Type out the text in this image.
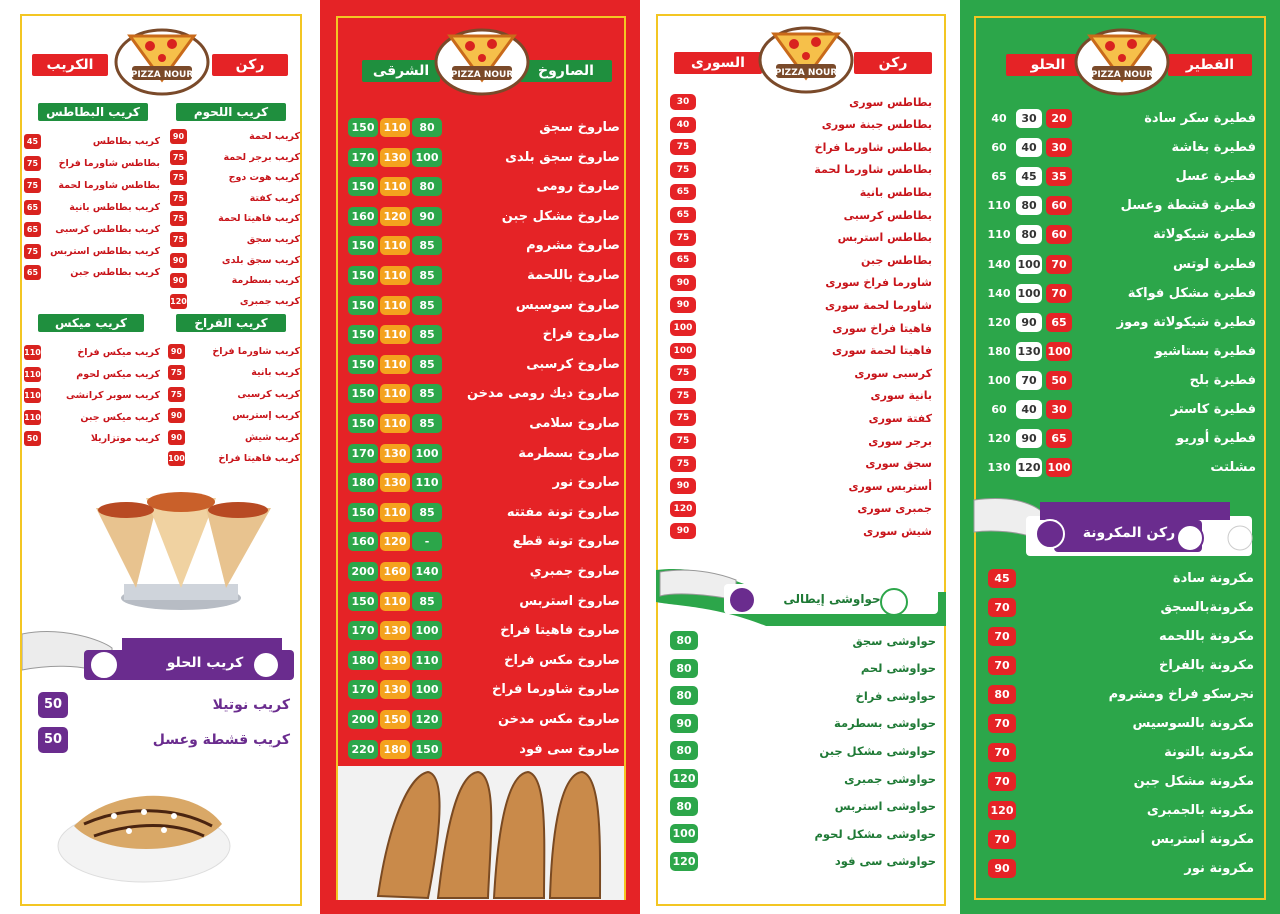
الكريب	ركن
PIZZA NOUR
كريب اللحوم
كريب البطاطس
90	كريب لحمة
75	كريب برجر لحمة
75	كريب هوت دوج
75	كريب كفتة
75	كريب فاهيتا لحمة
75	كريب سجق
90	كريب سجق بلدى
90	كريب بسطرمة
120	كريب جمبرى
45	كريب بطاطس
75	بطاطس شاورما فراخ
75	بطاطس شاورما لحمة
65	كريب بطاطس بانية
65	كريب بطاطس كرسبى
75	كريب بطاطس استربس
65	كريب بطاطس جبن
كريب الفراخ
كريب ميكس
90	كريب شاورما فراخ
75	كريب بانية
75	كريب كرسبى
90	كريب إستربس
90	كريب شيش
100	كريب فاهيتا فراخ
110	كريب ميكس فراخ
110	كريب ميكس لحوم
110	كريب سوبر كرانشى
110	كريب ميكس جبن
50	كريب موتزاريلا
كريب الحلو
50	كريب نوتيلا
50	كريب قشطة وعسل
الشرقى	الصاروخ
PIZZA NOUR
150 110	80	صاروخ سجق
170 130 100	صاروخ سجق بلدى
150 110	80	صاروخ رومى
160 120	90	صاروخ مشكل جبن
150 110	85	صاروخ مشروم
150 110	85	صاروخ باللحمة
150 110	85	صاروخ سوسيس
150 110	85	صاروخ فراخ
150 110	85	صاروخ كرسبى
150 110	85	صاروخ ديك رومى مدخن
150 110	85	صاروخ سلامى
170 130 100	صاروخ بسطرمة
180 130 110	صاروخ نور
150 110	85	صاروخ تونة مفتته
160 120	-	صاروخ تونة قطع
200 160 140	صاروخ جمبري
150 110	85	صاروخ استربس
170 130 100	صاروخ فاهيتا فراخ
180 130 110	صاروخ مكس فراخ
170 130 100	صاروخ شاورما فراخ
200 150 120	صاروخ مكس مدخن
220 180 150	صاروخ سى فود
السورى	ركن
PIZZA NOUR
30	بطاطس سورى
40	بطاطس جبنة سورى
75	بطاطس شاورما فراخ
75	بطاطس شاورما لحمة
65	بطاطس بانية
65	بطاطس كرسبى
75	بطاطس استربس
65	بطاطس جبن
90	شاورما فراخ سورى
90	شاورما لحمة سورى
100	فاهيتا فراخ سورى
100	فاهيتا لحمة سورى
75	كرسبى سورى
75	بانية سورى
75	كفتة سورى
75	برجر سورى
75	سجق سورى
90	أستربس سورى
120	جمبرى سورى
90	شيش سورى
حواوشى إيطالى
80	حواوشى سجق
80	حواوشى لحم
80	حواوشى فراخ
90	حواوشى بسطرمة
80	حواوشى مشكل جبن
120	حواوشى جمبرى
80	حواوشى استربس
100	حواوشى مشكل لحوم
120	حواوشى سى فود
الحلو	الفطير
PIZZA NOUR
40	30	20	فطيرة سكر سادة
60	40	30	فطيرة بغاشة
65	45	35	فطيرة عسل
110 80	60	فطيرة قشطة وعسل
110 80	60	فطيرة شيكولاتة
140 100 70	فطيرة لوتس
140 100 70	فطيرة مشكل فواكة
120 90	65	فطيرة شيكولاتة وموز
180 130 100	فطيرة بستاشيو
100 70	50	فطيرة بلح
60	40	30	فطيرة كاستر
120 90	65	فطيرة أوريو
130 120 100	مشلتت
ركن المكرونة
45	مكرونة سادة
70	مكرونةبالسجق
70	مكرونة باللحمه
70	مكرونة بالفراخ
80	نجرسكو فراخ ومشروم
70	مكرونة بالسوسيس
70	مكرونة بالتونة
70	مكرونة مشكل جبن
120	مكرونة بالجمبرى
70	مكرونة أستربس
90	مكرونة نور
